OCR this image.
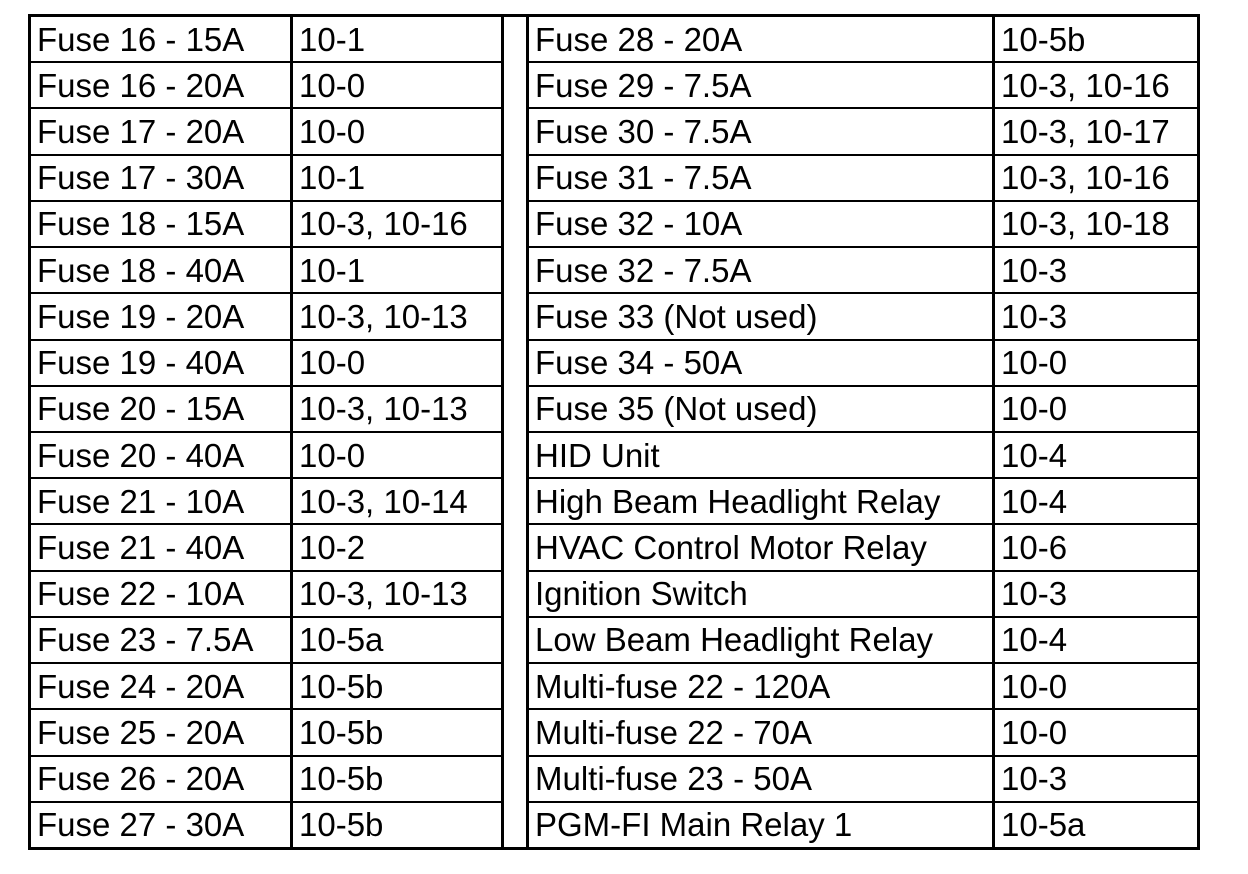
Fuse 16 - 15A	10-1
Fuse 16 - 20A	10-0
Fuse 17 - 20A	10-0
Fuse 17 - 30A	10-1
Fuse 18 - 15A	10-3, 10-16
Fuse 18 - 40A	10-1
Fuse 19 - 20A	10-3, 10-13
Fuse 19 - 40A	10-0
Fuse 20 - 15A	10-3, 10-13
Fuse 20 - 40A	10-0
Fuse 21 - 10A	10-3, 10-14
Fuse 21 - 40A	10-2
Fuse 22 - 10A	10-3, 10-13
Fuse 23 - 7.5A	10-5a
Fuse 24 - 20A	10-5b
Fuse 25 - 20A	10-5b
Fuse 26 - 20A	10-5b
Fuse 27 - 30A	10-5b
Fuse 28 - 20A	10-5b
Fuse 29 - 7.5A	10-3, 10-16
Fuse 30 - 7.5A	10-3, 10-17
Fuse 31 - 7.5A	10-3, 10-16
Fuse 32 - 10A	10-3, 10-18
Fuse 32 - 7.5A	10-3
Fuse 33 (Not used)	10-3
Fuse 34 - 50A	10-0
Fuse 35 (Not used)	10-0
HID Unit	10-4
High Beam Headlight Relay	10-4
HVAC Control Motor Relay	10-6
Ignition Switch	10-3
Low Beam Headlight Relay	10-4
Multi-fuse 22 - 120A	10-0
Multi-fuse 22 - 70A	10-0
Multi-fuse 23 - 50A	10-3
PGM-FI Main Relay 1	10-5a
